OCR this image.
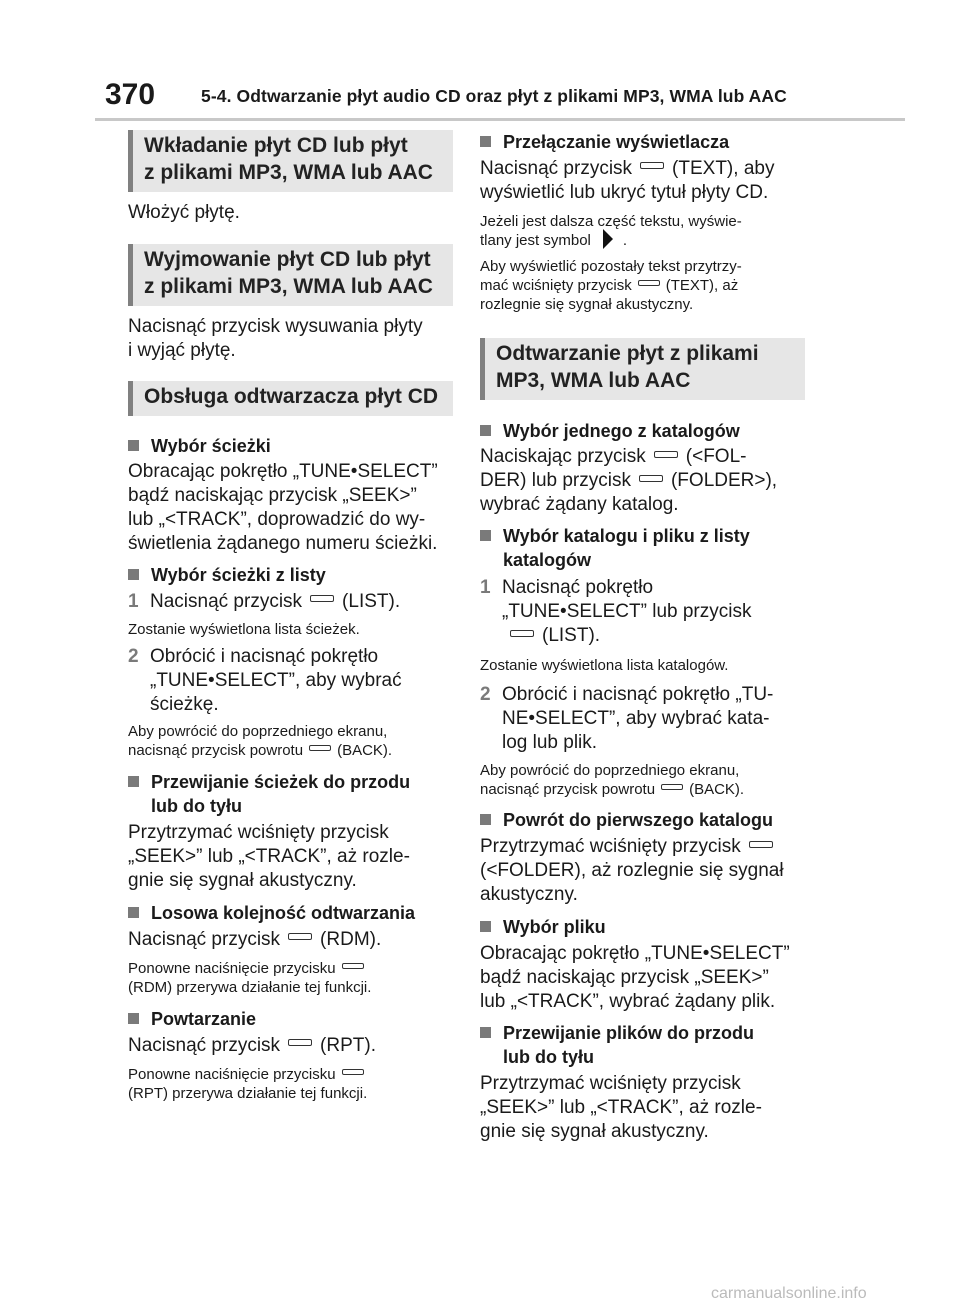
370	5-4. Odtwarzanie płyt audio CD oraz płyt z plikami MP3, WMA lub AAC
Wkładanie płyt CD lub płyt
z plikami MP3, WMA lub AAC

Włożyć płytę.

Wyjmowanie płyt CD lub płyt
z plikami MP3, WMA lub AAC

Nacisnąć przycisk wysuwania płyty

i wyjąć płytę.

Obsługa odtwarzacza płyt CD

Wybór ścieżki

Obracając pokrętło „TUNE•SELECT”

bądź naciskając przycisk „SEEK>”

lub „<TRACK”, doprowadzić do wy-

świetlenia żądanego numeru ścieżki.

Wybór ścieżki z listy

1 Nacisnąć przycisk (LIST).

Zostanie wyświetlona lista ścieżek.

2 Obrócić i nacisnąć pokrętło
„TUNE•SELECT”, aby wybrać
ścieżkę.

Aby powrócić do poprzedniego ekranu,

nacisnąć przycisk powrotu (BACK).

Przewijanie ścieżek do przodu
lub do tyłu

Przytrzymać wciśnięty przycisk

„SEEK>” lub „<TRACK”, aż rozle-

gnie się sygnał akustyczny.

Losowa kolejność odtwarzania

Nacisnąć przycisk (RDM).

Ponowne naciśnięcie przycisku

(RDM) przerywa działanie tej funkcji.

Powtarzanie

Nacisnąć przycisk (RPT).

Ponowne naciśnięcie przycisku

(RPT) przerywa działanie tej funkcji.

Przełączanie wyświetlacza

Nacisnąć przycisk (TEXT), aby

wyświetlić lub ukryć tytuł płyty CD.

Jeżeli jest dalsza część tekstu, wyświe-

tlany jest symbol .

Aby wyświetlić pozostały tekst przytrzy-

mać wciśnięty przycisk (TEXT), aż

rozlegnie się sygnał akustyczny.

Odtwarzanie płyt z plikami
MP3, WMA lub AAC

Wybór jednego z katalogów

Naciskając przycisk (<FOL-

DER) lub przycisk (FOLDER>),

wybrać żądany katalog.

Wybór katalogu i pliku z listy
katalogów
1 Nacisnąć pokrętło
„TUNE•SELECT” lub przycisk
(LIST).

Zostanie wyświetlona lista katalogów.

2 Obrócić i nacisnąć pokrętło „TU-
NE•SELECT”, aby wybrać kata-
log lub plik.

Aby powrócić do poprzedniego ekranu,

nacisnąć przycisk powrotu (BACK).

Powrót do pierwszego katalogu

Przytrzymać wciśnięty przycisk

(<FOLDER), aż rozlegnie się sygnał

akustyczny.

Wybór pliku

Obracając pokrętło „TUNE•SELECT”

bądź naciskając przycisk „SEEK>”

lub „<TRACK”, wybrać żądany plik.

Przewijanie plików do przodu
lub do tyłu

Przytrzymać wciśnięty przycisk

„SEEK>” lub „<TRACK”, aż rozle-

gnie się sygnał akustyczny.

carmanualsonline.info
